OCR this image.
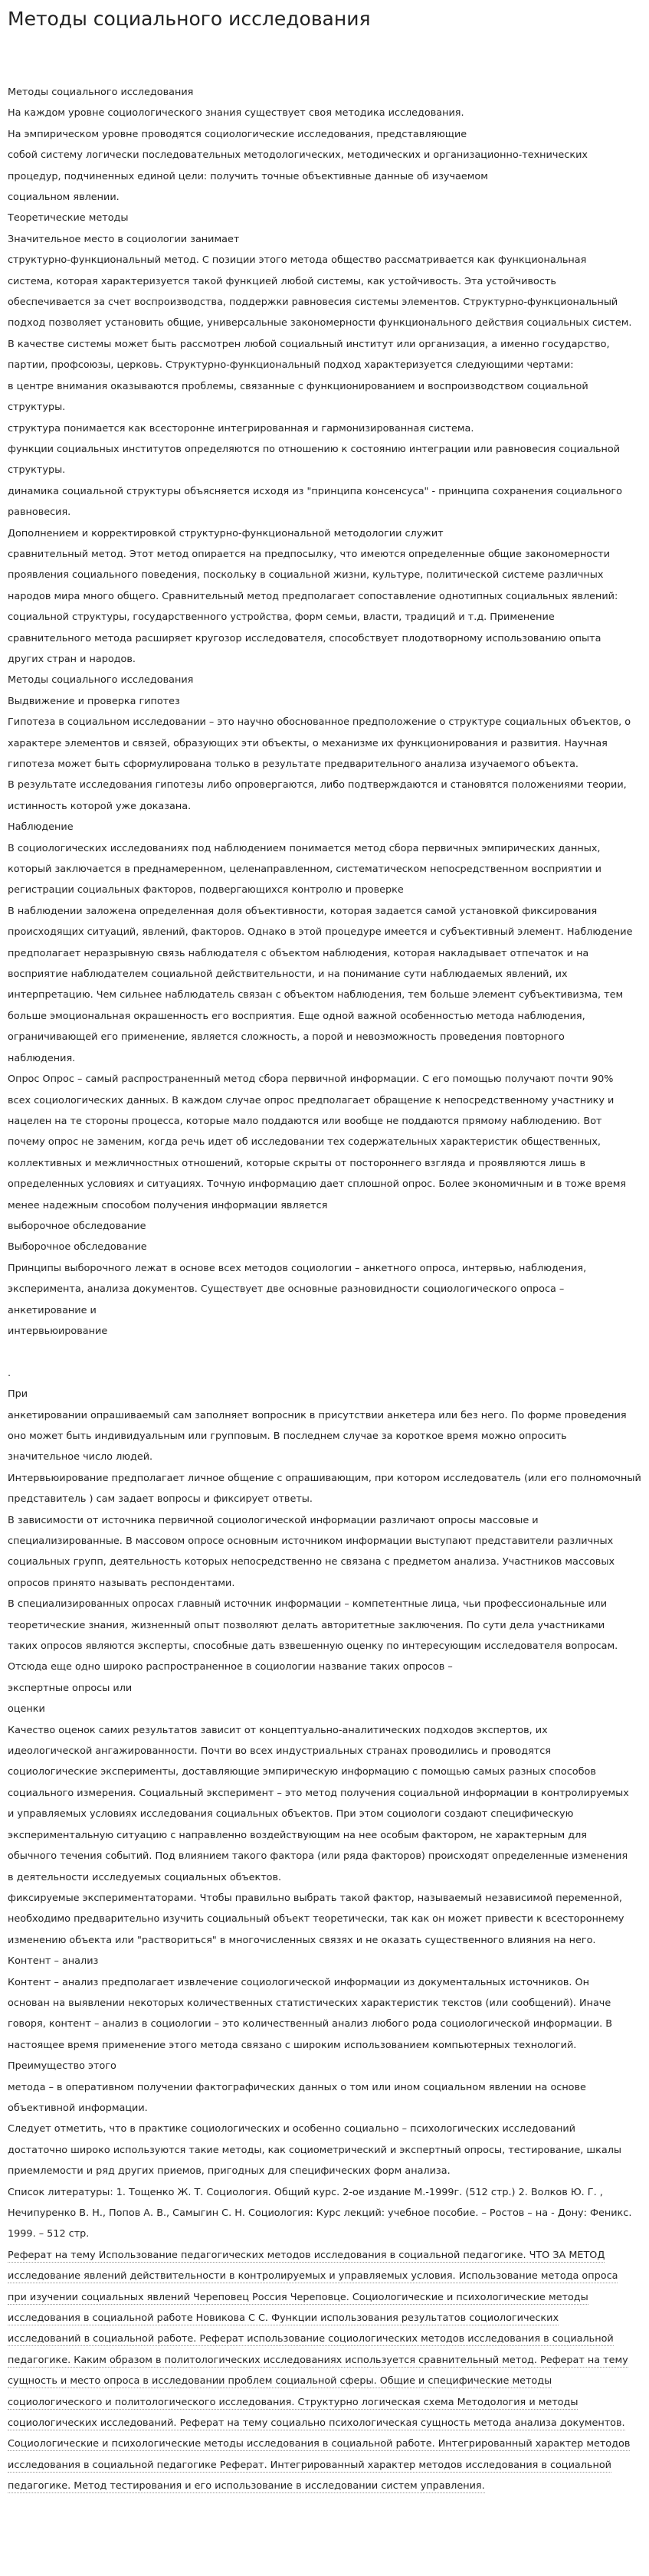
Методы социального исследования
Методы социального исследования
На каждом уровне социологического знания существует своя методика исследования.
На эмпирическом уровне проводятся социологические исследования, представляющие
собой систему логически последовательных методологических, методических и организационно-технических
процедур, подчиненных единой цели: получить точные объективные данные об изучаемом
социальном явлении.
Теоретические методы
Значительное место в социологии занимает
структурно-функциональный метод. С позиции этого метода общество рассматривается как функциональная
система, которая характеризуется такой функцией любой системы, как устойчивость. Эта устойчивость
обеспечивается за счет воспроизводства, поддержки равновесия системы элементов. Структурно-функциональный
подход позволяет установить общие, универсальные закономерности функционального действия социальных систем.
В качестве системы может быть рассмотрен любой социальный институт или организация, а именно государство,
партии, профсоюзы, церковь. Структурно-функциональный подход характеризуется следующими чертами:
в центре внимания оказываются проблемы, связанные с функционированием и воспроизводством социальной
структуры.
структура понимается как всесторонне интегрированная и гармонизированная система.
функции социальных институтов определяются по отношению к состоянию интеграции или равновесия социальной
структуры.
динамика социальной структуры объясняется исходя из "принципа консенсуса" - принципа сохранения социального
равновесия.
Дополнением и корректировкой структурно-функциональной методологии служит
сравнительный метод. Этот метод опирается на предпосылку, что имеются определенные общие закономерности
проявления социального поведения, поскольку в социальной жизни, культуре, политической системе различных
народов мира много общего. Сравнительный метод предполагает сопоставление однотипных социальных явлений:
социальной структуры, государственного устройства, форм семьи, власти, традиций и т.д. Применение
сравнительного метода расширяет кругозор исследователя, способствует плодотворному использованию опыта
других стран и народов.
Методы социального исследования
Выдвижение и проверка гипотез
Гипотеза в социальном исследовании – это научно обоснованное предположение о структуре социальных объектов, о
характере элементов и связей, образующих эти объекты, о механизме их функционирования и развития. Научная
гипотеза может быть сформулирована только в результате предварительного анализа изучаемого объекта.
В результате исследования гипотезы либо опровергаются, либо подтверждаются и становятся положениями теории,
истинность которой уже доказана.
Наблюдение
В социологических исследованиях под наблюдением понимается метод сбора первичных эмпирических данных,
который заключается в преднамеренном, целенаправленном, систематическом непосредственном восприятии и
регистрации социальных факторов, подвергающихся контролю и проверке
В наблюдении заложена определенная доля объективности, которая задается самой установкой фиксирования
происходящих ситуаций, явлений, факторов. Однако в этой процедуре имеется и субъективный элемент. Наблюдение
предполагает неразрывную связь наблюдателя с объектом наблюдения, которая накладывает отпечаток и на
восприятие наблюдателем социальной действительности, и на понимание сути наблюдаемых явлений, их
интерпретацию. Чем сильнее наблюдатель связан с объектом наблюдения, тем больше элемент субъективизма, тем
больше эмоциональная окрашенность его восприятия. Еще одной важной особенностью метода наблюдения,
ограничивающей его применение, является сложность, а порой и невозможность проведения повторного
наблюдения.
Опрос Опрос – самый распространенный метод сбора первичной информации. С его помощью получают почти 90%
всех социологических данных. В каждом случае опрос предполагает обращение к непосредственному участнику и
нацелен на те стороны процесса, которые мало поддаются или вообще не поддаются прямому наблюдению. Вот
почему опрос не заменим, когда речь идет об исследовании тех содержательных характеристик общественных,
коллективных и межличностных отношений, которые скрыты от постороннего взгляда и проявляются лишь в
определенных условиях и ситуациях. Точную информацию дает сплошной опрос. Более экономичным и в тоже время
менее надежным способом получения информации является
выборочное обследование
Выборочное обследование
Принципы выборочного лежат в основе всех методов социологии – анкетного опроса, интервью, наблюдения,
эксперимента, анализа документов. Существует две основные разновидности социологического опроса –
анкетирование и
интервьюирование
.
При
анкетировании опрашиваемый сам заполняет вопросник в присутствии анкетера или без него. По форме проведения
оно может быть индивидуальным или групповым. В последнем случае за короткое время можно опросить
значительное число людей.
Интервьюирование предполагает личное общение с опрашивающим, при котором исследователь (или его полномочный
представитель ) сам задает вопросы и фиксирует ответы.
В зависимости от источника первичной социологической информации различают опросы массовые и
специализированные. В массовом опросе основным источником информации выступают представители различных
социальных групп, деятельность которых непосредственно не связана с предметом анализа. Участников массовых
опросов принято называть респондентами.
В специализированных опросах главный источник информации – компетентные лица, чьи профессиональные или
теоретические знания, жизненный опыт позволяют делать авторитетные заключения. По сути дела участниками
таких опросов являются эксперты, способные дать взвешенную оценку по интересующим исследователя вопросам.
Отсюда еще одно широко распространенное в социологии название таких опросов –
экспертные опросы или
оценки
Качество оценок самих результатов зависит от концептуально-аналитических подходов экспертов, их
идеологической ангажированности. Почти во всех индустриальных странах проводились и проводятся
социологические эксперименты, доставляющие эмпирическую информацию с помощью самых разных способов
социального измерения. Социальный эксперимент – это метод получения социальной информации в контролируемых
и управляемых условиях исследования социальных объектов. При этом социологи создают специфическую
экспериментальную ситуацию с направленно воздействующим на нее особым фактором, не характерным для
обычного течения событий. Под влиянием такого фактора (или ряда факторов) происходят определенные изменения
в деятельности исследуемых социальных объектов.
фиксируемые экспериментаторами. Чтобы правильно выбрать такой фактор, называемый независимой переменной,
необходимо предварительно изучить социальный объект теоретически, так как он может привести к всестороннему
изменению объекта или "раствориться" в многочисленных связях и не оказать существенного влияния на него.
Контент – анализ
Контент – анализ предполагает извлечение социологической информации из документальных источников. Он
основан на выявлении некоторых количественных статистических характеристик текстов (или сообщений). Иначе
говоря, контент – анализ в социологии – это количественный анализ любого рода социологической информации. В
настоящее время применение этого метода связано с широким использованием компьютерных технологий.
Преимущество этого
метода – в оперативном получении фактографических данных о том или ином социальном явлении на основе
объективной информации.
Следует отметить, что в практике социологических и особенно социально – психологических исследований
достаточно широко используются такие методы, как социометрический и экспертный опросы, тестирование, шкалы
приемлемости и ряд других приемов, пригодных для специфических форм анализа.
Список литературы: 1. Тощенко Ж. Т. Социология. Общий курс. 2-ое издание М.-1999г. (512 стр.) 2. Волков Ю. Г. ,
Нечипуренко В. Н., Попов А. В., Самыгин С. Н. Социология: Курс лекций: учебное пособие. – Ростов – на - Дону: Феникс.
1999. – 512 стр.
Реферат на тему Использование педагогических методов исследования в социальной педагогике. ЧТО ЗА МЕТОД
исследование явлений действительности в контролируемых и управляемых условия. Использование метода опроса
при изучении социальных явлений Череповец Россия Череповце. Социологические и психологические методы
исследования в социальной работе Новикова С С. Функции использования результатов социологических
исследований в социальной работе. Реферат использование социологических методов исследования в социальной
педагогике. Каким образом в политологических исследованиях используется сравнительный метод. Реферат на тему
сущность и место опроса в исследовании проблем социальной сферы. Общие и специфические методы
социологического и политологического исследования. Структурно логическая схема Методология и методы
социологических исследований. Реферат на тему социально психологическая сущность метода анализа документов.
Социологические и психологические методы исследования в социальной работе. Интегрированный характер методов
исследования в социальной педагогике Реферат. Интегрированный характер методов исследования в социальной
педагогике. Метод тестирования и его использование в исследовании систем управления.
